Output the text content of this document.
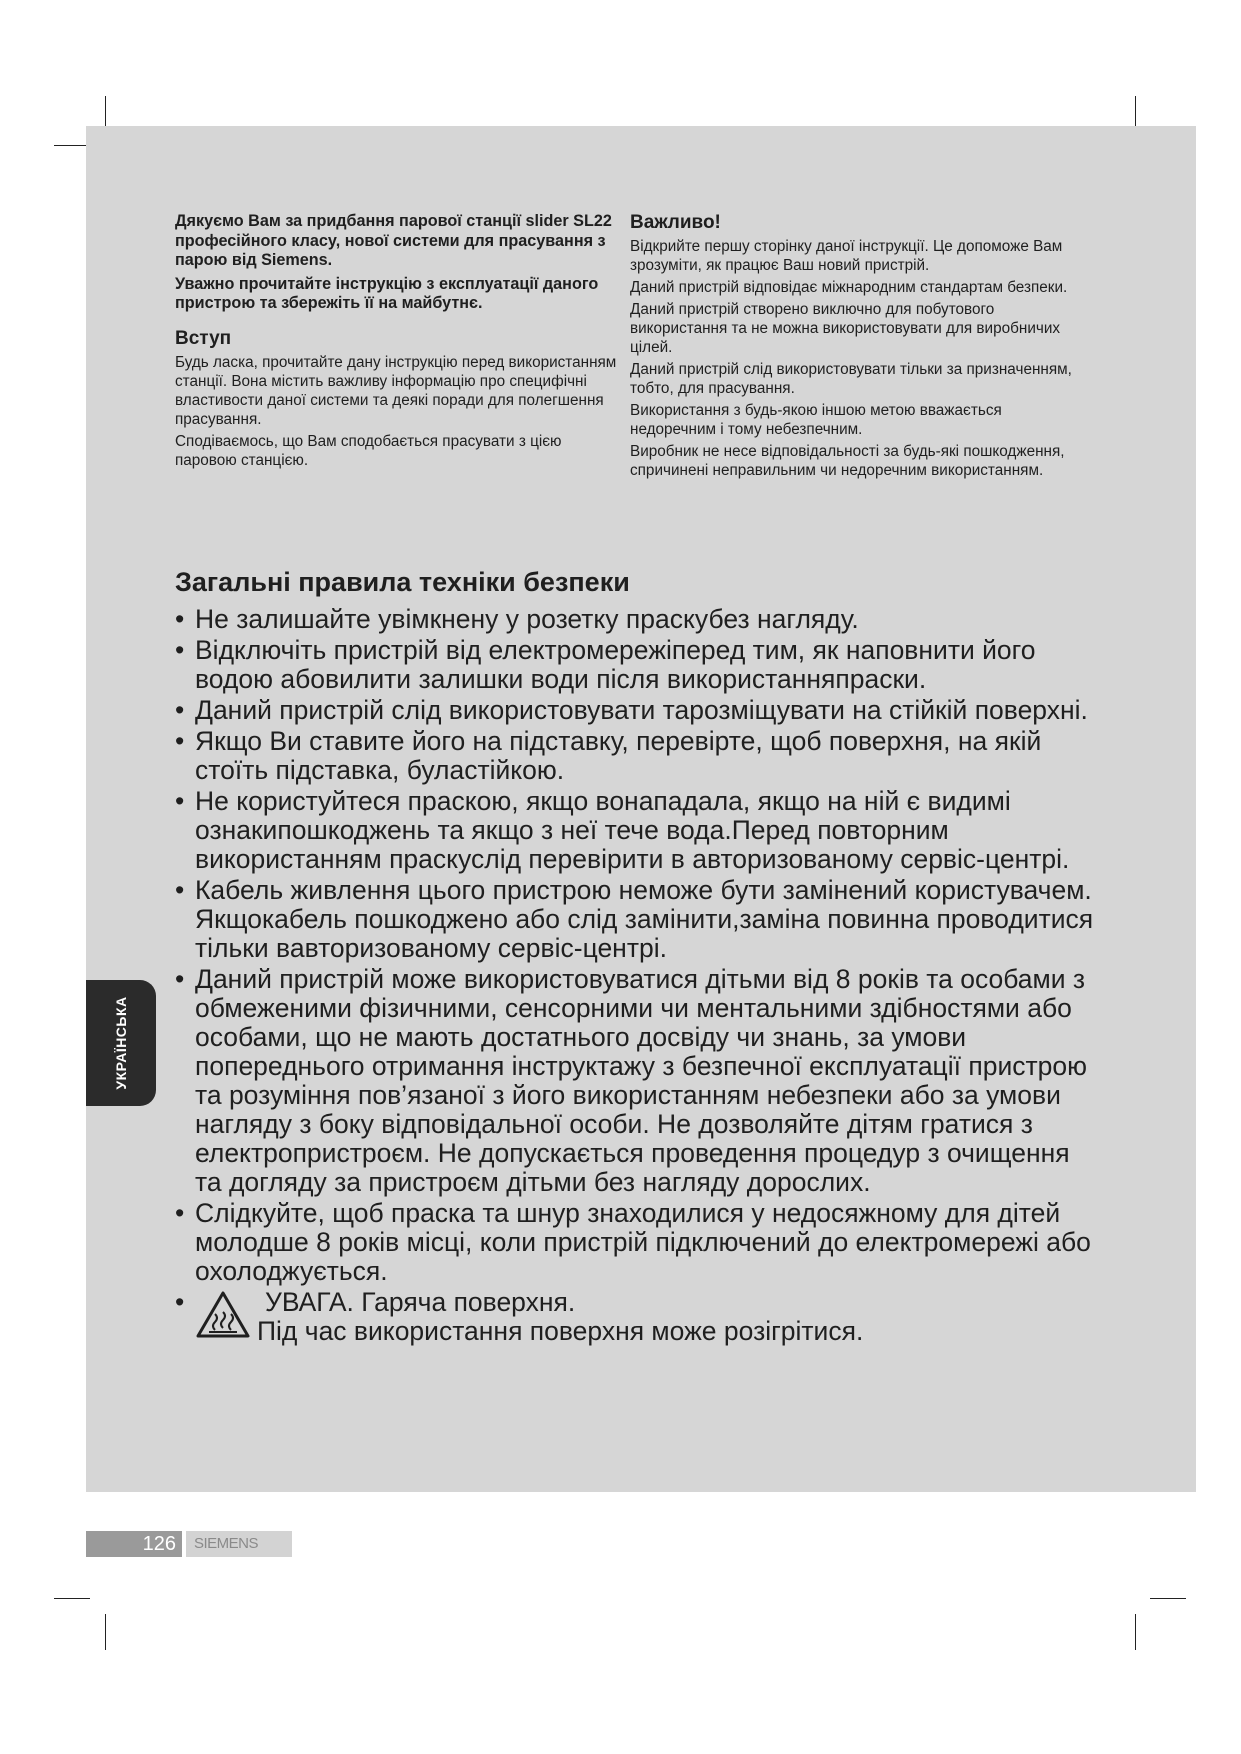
Дякуємо Вам за придбання парової станції slider SL22 професійного класу, нової системи для прасування з парою від Siemens.

Уважно прочитайте інструкцію з експлуатації даного пристрою та збережіть її на майбутнє.

Вступ

Будь ласка, прочитайте дану інструкцію перед використанням станції. Вона містить важливу інформацію про специфічні властивости даної системи та деякі поради для полегшення прасування.

Сподіваємось, що Вам сподобається прасувати з цією паровою станцією.

Важливо!

Відкрийте першу сторінку даної інструкції. Це допоможе Вам зрозуміти, як працює Ваш новий пристрій.

Даний пристрій відповідає міжнародним стандартам безпеки.

Даний пристрій створено виключно для побутового використання та не можна використовувати для виробничих цілей.

Даний пристрій слід використовувати тільки за призначенням, тобто, для прасування.

Використання з будь-якою іншою метою вважається недоречним і тому небезпечним.

Виробник не несе відповідальності за будь-які пошкодження, спричинені неправильним чи недоречним використанням.

Загальні правила техніки безпеки
• Не залишайте увімкнену у розетку праскубез нагляду.
• Відключіть пристрій від електромережіперед тим, як наповнити його водою абовилити залишки води після використанняпраски.
• Даний пристрій слід використовувати тарозміщувати на стійкій поверхні.
• Якщо Ви ставите його на підставку, перевірте, щоб поверхня, на якій стоїть підставка, буластійкою.
• Не користуйтеся праскою, якщо вонападала, якщо на ній є видимі ознакипошкоджень та якщо з неї тече вода.Перед повторним використанням праскуслід перевірити в авторизованому сервіс-центрі.
• Кабель живлення цього пристрою неможе бути замінений користувачем. Якщокабель пошкоджено або слід замінити,заміна повинна проводитися тільки вавторизованому сервіс-центрі.
• Даний пристрій може використовуватися дітьми від 8 років та особами з обмеженими фізичними, сенсорними чи ментальними здібностями або особами, що не мають достатнього досвіду чи знань, за умови попереднього отримання інструктажу з безпечної експлуатації пристрою та розуміння пов’язаної з його використанням небезпеки або за умови нагляду з боку відповідальної особи. Не дозволяйте дітям гратися з електропристроєм. Не допускається проведення процедур з очищення та догляду за пристроєм дітьми без нагляду дорослих.
• Слідкуйте, щоб праска та шнур знаходилися у недосяжному для дітей молодше 8 років місці, коли пристрій підключений до електромережі або охолоджується.
•	УВАГА. Гаряча поверхня.
Під час використання поверхня може розігрітися.
УКРАЇНСЬКА
126	SIEMENS
